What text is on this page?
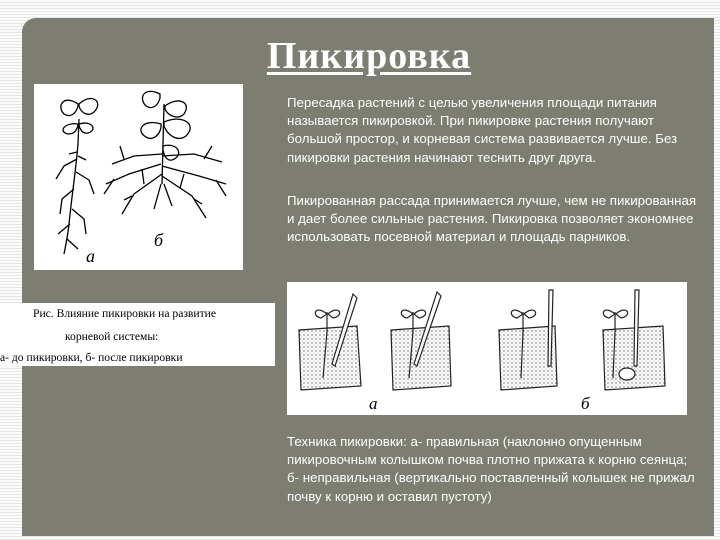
Пикировка
а
б

Пересадка растений с целью увеличения площади питания называется пикировкой. При пикировке растения получают большой простор, и корневая система развивается лучше. Без пикировки растения начинают теснить друг друга.

Пикированная рассада принимается лучше, чем не пикированная и дает более сильные растения. Пикировка позволяет экономнее использовать посевной материал и площадь парников.

Рис. Влияние пикировки на развитие

корневой системы:

а- до пикировки, б- после пикировки

а	б

Техника пикировки: а- правильная (наклонно опущенным пикировочным колышком почва плотно прижата к корню сеянца; б- неправильная (вертикально поставленный колышек не прижал почву к корню и оставил пустоту)
